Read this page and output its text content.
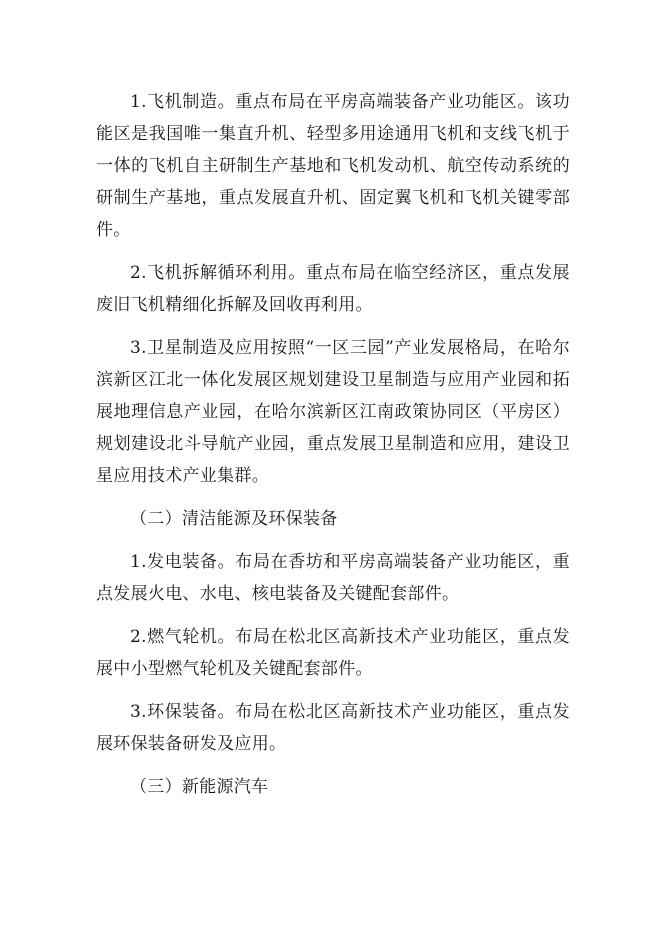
1.飞机制造。重点布局在平房高端装备产业功能区。该功能区是我国唯一集直升机、轻型多用途通用飞机和支线飞机于一体的飞机自主研制生产基地和飞机发动机、航空传动系统的研制生产基地，重点发展直升机、固定翼飞机和飞机关键零部件。

2.飞机拆解循环利用。重点布局在临空经济区，重点发展废旧飞机精细化拆解及回收再利用。

3.卫星制造及应用按照“一区三园”产业发展格局，在哈尔滨新区江北一体化发展区规划建设卫星制造与应用产业园和拓展地理信息产业园，在哈尔滨新区江南政策协同区（平房区）规划建设北斗导航产业园，重点发展卫星制造和应用，建设卫星应用技术产业集群。

（二）清洁能源及环保装备

1.发电装备。布局在香坊和平房高端装备产业功能区，重点发展火电、水电、核电装备及关键配套部件。

2.燃气轮机。布局在松北区高新技术产业功能区，重点发展中小型燃气轮机及关键配套部件。

3.环保装备。布局在松北区高新技术产业功能区，重点发展环保装备研发及应用。

（三）新能源汽车
